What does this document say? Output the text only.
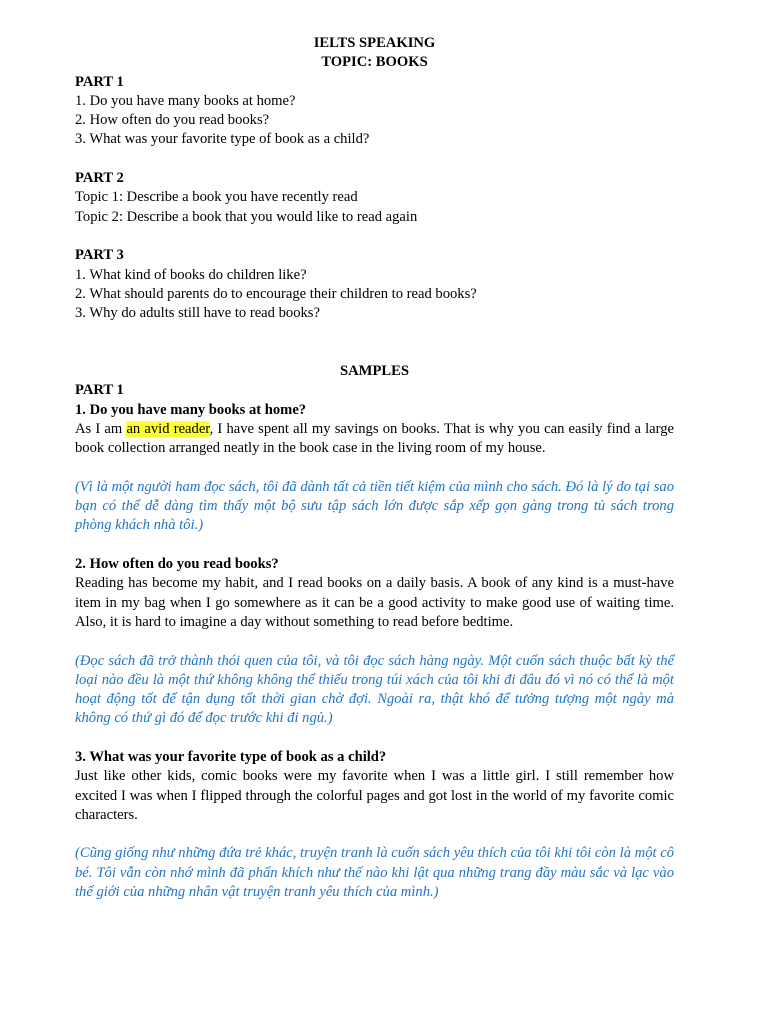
IELTS SPEAKING
TOPIC: BOOKS
PART 1
1. Do you have many books at home?
2. How often do you read books?
3. What was your favorite type of book as a child?
PART 2
Topic 1: Describe a book you have recently read
Topic 2: Describe a book that you would like to read again
PART 3
1. What kind of books do children like?
2. What should parents do to encourage their children to read books?
3. Why do adults still have to read books?
SAMPLES
PART 1
1. Do you have many books at home?
As I am an avid reader, I have spent all my savings on books. That is why you can easily find a large book collection arranged neatly in the book case in the living room of my house.
(Vì là một người ham đọc sách, tôi đã dành tất cả tiền tiết kiệm của mình cho sách. Đó là lý do tại sao bạn có thể dễ dàng tìm thấy một bộ sưu tập sách lớn được sắp xếp gọn gàng trong tủ sách trong phòng khách nhà tôi.)
2. How often do you read books?
Reading has become my habit, and I read books on a daily basis. A book of any kind is a must-have item in my bag when I go somewhere as it can be a good activity to make good use of waiting time. Also, it is hard to imagine a day without something to read before bedtime.
(Đọc sách đã trở thành thói quen của tôi, và tôi đọc sách hàng ngày. Một cuốn sách thuộc bất kỳ thể loại nào đều là một thứ không không thể thiếu trong túi xách của tôi khi đi đâu đó vì nó có thể là một hoạt động tốt để tận dụng tốt thời gian chờ đợi. Ngoài ra, thật khó để tưởng tượng một ngày mà không có thứ gì đó để đọc trước khi đi ngủ.)
3. What was your favorite type of book as a child?
Just like other kids, comic books were my favorite when I was a little girl. I still remember how excited I was when I flipped through the colorful pages and got lost in the world of my favorite comic characters.
(Cũng giống như những đứa trẻ khác, truyện tranh là cuốn sách yêu thích của tôi khi tôi còn là một cô bé. Tôi vẫn còn nhớ mình đã phấn khích như thế nào khi lật qua những trang đầy màu sắc và lạc vào thế giới của những nhân vật truyện tranh yêu thích của mình.)
